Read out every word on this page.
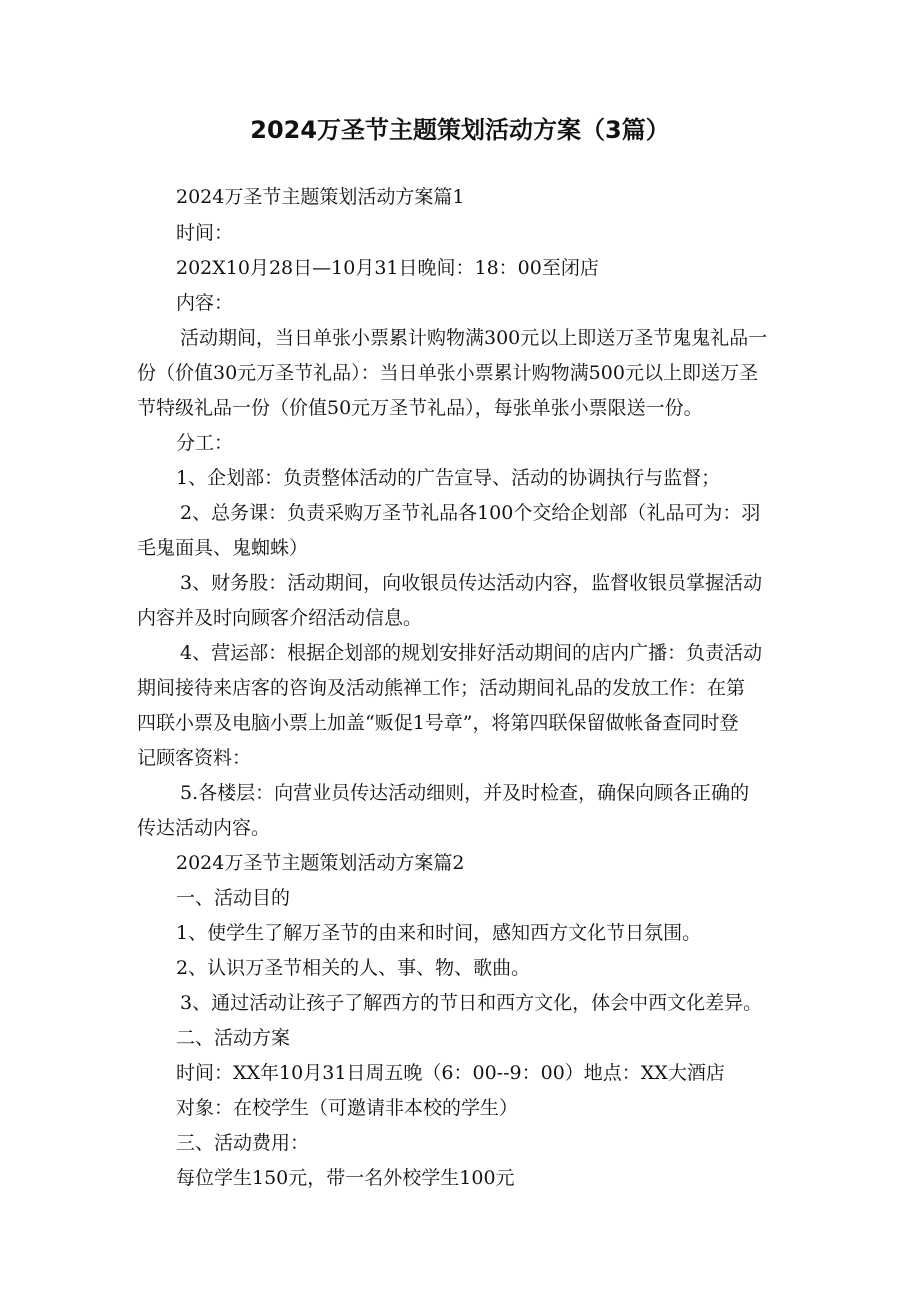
2024万圣节主题策划活动方案（3篇）

2024万圣节主题策划活动方案篇1

时间：

202X10月28日—10月31日晚间：18：00至闭店

内容：

活动期间，当日单张小票累计购物满300元以上即送万圣节鬼鬼礼品一

份（价值30元万圣节礼品）：当日单张小票累计购物满500元以上即送万圣

节特级礼品一份（价值50元万圣节礼品），每张单张小票限送一份。

分工：

1、企划部：负责整体活动的广告宣导、活动的协调执行与监督；

2、总务课：负责采购万圣节礼品各100个交给企划部（礼品可为：羽

毛鬼面具、鬼蜘蛛）

3、财务股：活动期间，向收银员传达活动内容，监督收银员掌握活动

内容并及时向顾客介绍活动信息。

4、营运部：根据企划部的规划安排好活动期间的店内广播：负责活动

期间接待来店客的咨询及活动熊禅工作；活动期间礼品的发放工作：在第

四联小票及电脑小票上加盖“贩促1号章”，将第四联保留做帐备查同时登

记顾客资料：

5.各楼层：向营业员传达活动细则，并及时检查，确保向顾各正确的

传达活动内容。

2024万圣节主题策划活动方案篇2

一、活动目的

1、使学生了解万圣节的由来和时间，感知西方文化节日氛围。

2、认识万圣节相关的人、事、物、歌曲。

3、通过活动让孩子了解西方的节日和西方文化，体会中西文化差异。

二、活动方案

时间：XX年10月31日周五晚（6：00--9：00）地点：XX大酒店

对象：在校学生（可邀请非本校的学生）

三、活动费用：

每位学生150元，带一名外校学生100元
